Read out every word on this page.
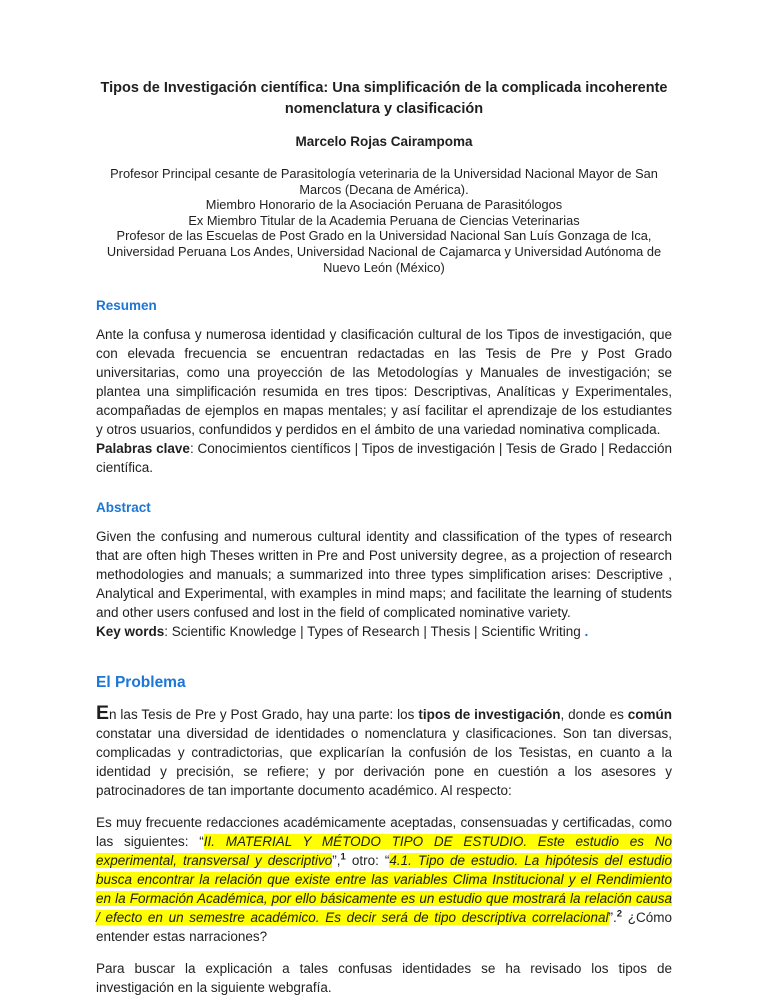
Tipos de Investigación científica: Una simplificación de la complicada incoherente nomenclatura y clasificación
Marcelo Rojas Cairampoma
Profesor Principal cesante de Parasitología veterinaria de la Universidad Nacional Mayor de San Marcos (Decana de América).
Miembro Honorario de la Asociación Peruana de Parasitólogos
Ex Miembro Titular de la Academia Peruana de Ciencias Veterinarias
Profesor de las Escuelas de Post Grado en la Universidad Nacional San Luís Gonzaga de Ica, Universidad Peruana Los Andes, Universidad Nacional de Cajamarca y Universidad Autónoma de Nuevo León (México)
Resumen

Ante la confusa y numerosa identidad y clasificación cultural de los Tipos de investigación, que con elevada frecuencia se encuentran redactadas en las Tesis de Pre y Post Grado universitarias, como una proyección de las Metodologías y Manuales de investigación; se plantea una simplificación resumida en tres tipos: Descriptivas, Analíticas y Experimentales, acompañadas de ejemplos en mapas mentales; y así facilitar el aprendizaje de los estudiantes y otros usuarios, confundidos y perdidos en el ámbito de una variedad nominativa complicada.
Palabras clave: Conocimientos científicos | Tipos de investigación | Tesis de Grado | Redacción científica.

Abstract

Given the confusing and numerous cultural identity and classification of the types of research that are often high Theses written in Pre and Post university degree, as a projection of research methodologies and manuals; a summarized into three types simplification arises: Descriptive , Analytical and Experimental, with examples in mind maps; and facilitate the learning of students and other users confused and lost in the field of complicated nominative variety.
Key words: Scientific Knowledge | Types of Research | Thesis | Scientific Writing .

El Problema

En las Tesis de Pre y Post Grado, hay una parte: los tipos de investigación, donde es común constatar una diversidad de identidades o nomenclatura y clasificaciones. Son tan diversas, complicadas y contradictorias, que explicarían la confusión de los Tesistas, en cuanto a la identidad y precisión, se refiere; y por derivación pone en cuestión a los asesores y patrocinadores de tan importante documento académico. Al respecto:

Es muy frecuente redacciones académicamente aceptadas, consensuadas y certificadas, como las siguientes: “II. MATERIAL Y MÉTODO TIPO DE ESTUDIO. Este estudio es No experimental, transversal y descriptivo”,$^1$ otro: “4.1. Tipo de estudio. La hipótesis del estudio busca encontrar la relación que existe entre las variables Clima Institucional y el Rendimiento en la Formación Académica, por ello básicamente es un estudio que mostrará la relación causa / efecto en un semestre académico. Es decir será de tipo descriptiva correlacional”.$^2$ ¿Cómo entender estas narraciones?

Para buscar la explicación a tales confusas identidades se ha revisado los tipos de investigación en la siguiente webgrafía.
